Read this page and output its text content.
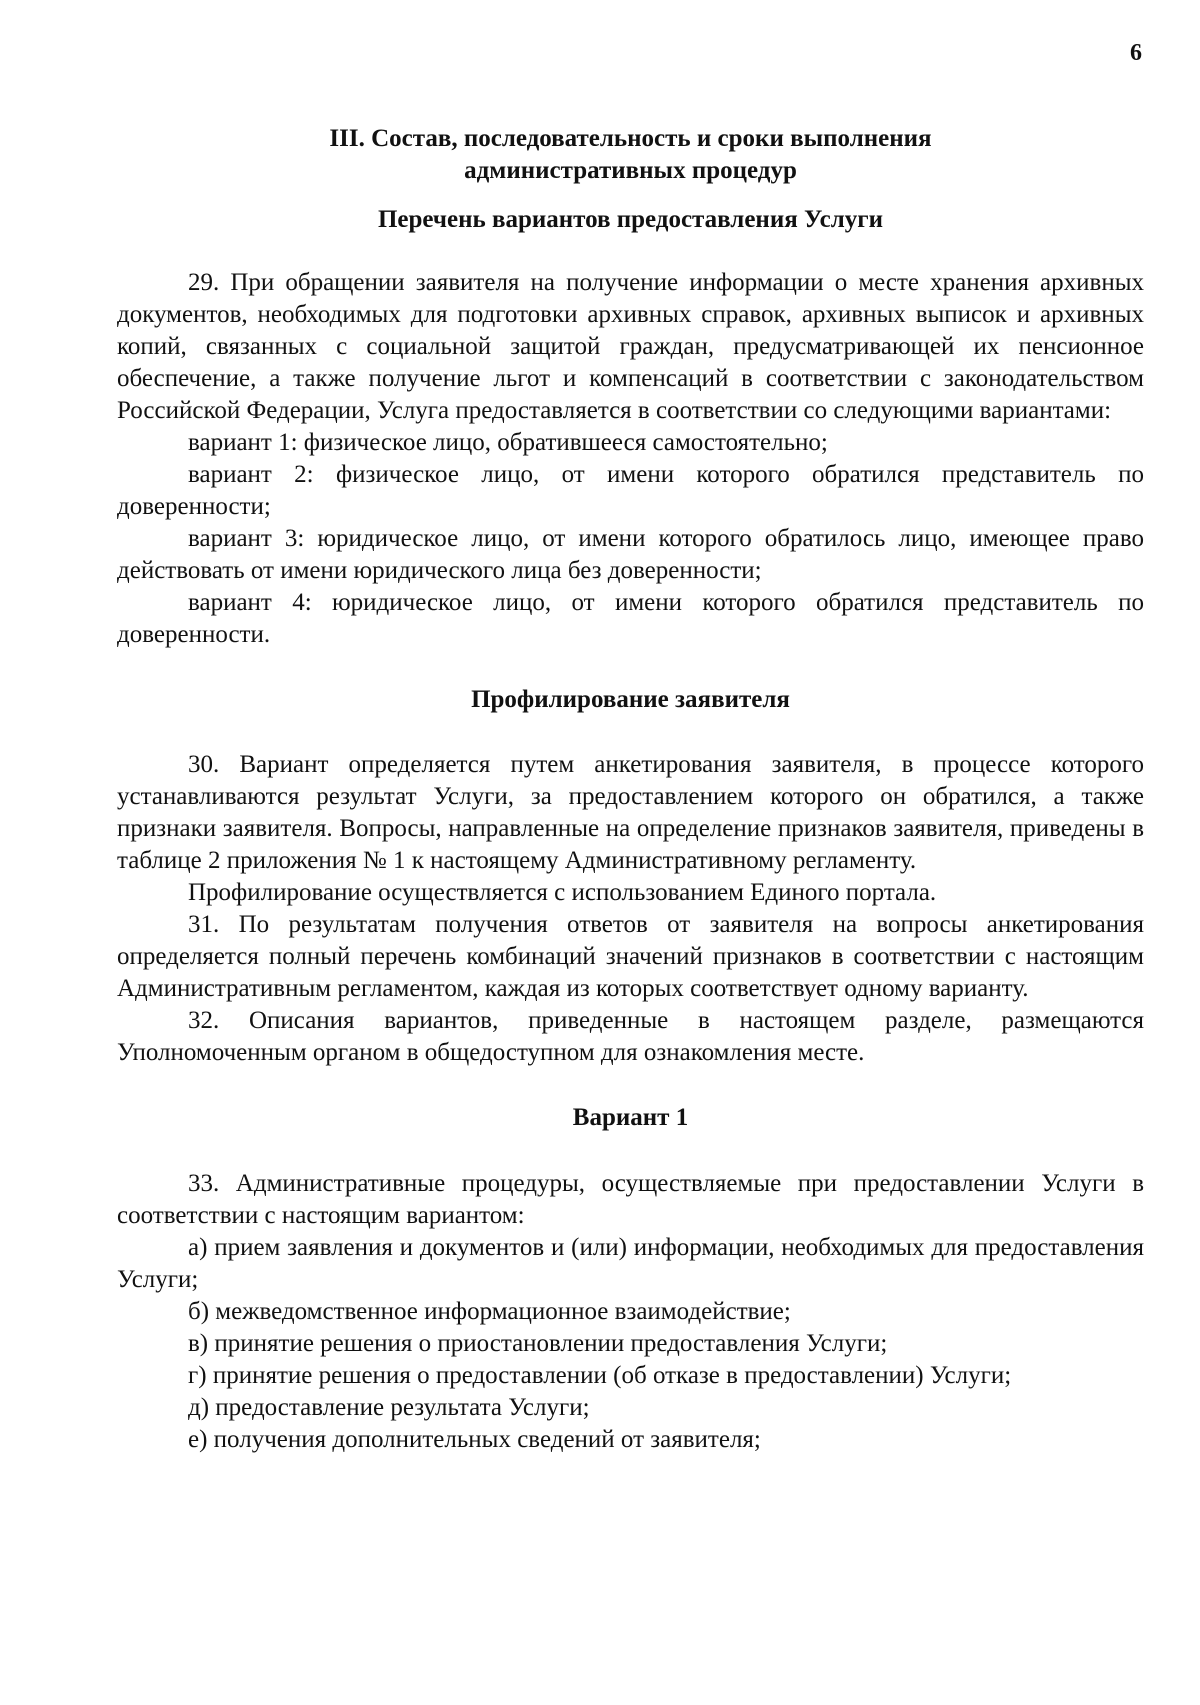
6
III. Состав, последовательность и сроки выполнения
административных процедур
Перечень вариантов предоставления Услуги

29. При обращении заявителя на получение информации о месте хранения архивных документов, необходимых для подготовки архивных справок, архивных выписок и архивных копий, связанных с социальной защитой граждан, предусматривающей их пенсионное обеспечение, а также получение льгот и компенсаций в соответствии с законодательством Российской Федерации, Услуга предоставляется в соответствии со следующими вариантами:

вариант 1: физическое лицо, обратившееся самостоятельно;

вариант 2: физическое лицо, от имени которого обратился представитель по доверенности;

вариант 3: юридическое лицо, от имени которого обратилось лицо, имеющее право действовать от имени юридического лица без доверенности;

вариант 4: юридическое лицо, от имени которого обратился представитель по доверенности.

Профилирование заявителя

30. Вариант определяется путем анкетирования заявителя, в процессе которого устанавливаются результат Услуги, за предоставлением которого он обратился, а также признаки заявителя. Вопросы, направленные на определение признаков заявителя, приведены в таблице 2 приложения № 1 к настоящему Административному регламенту.

Профилирование осуществляется с использованием Единого портала.

31. По результатам получения ответов от заявителя на вопросы анкетирования определяется полный перечень комбинаций значений признаков в соответствии с настоящим Административным регламентом, каждая из которых соответствует одному варианту.

32. Описания вариантов, приведенные в настоящем разделе, размещаются Уполномоченным органом в общедоступном для ознакомления месте.

Вариант 1

33. Административные процедуры, осуществляемые при предоставлении Услуги в соответствии с настоящим вариантом:

а) прием заявления и документов и (или) информации, необходимых для предоставления Услуги;

б) межведомственное информационное взаимодействие;

в) принятие решения о приостановлении предоставления Услуги;

г) принятие решения о предоставлении (об отказе в предоставлении) Услуги;

д) предоставление результата Услуги;

е) получения дополнительных сведений от заявителя;
